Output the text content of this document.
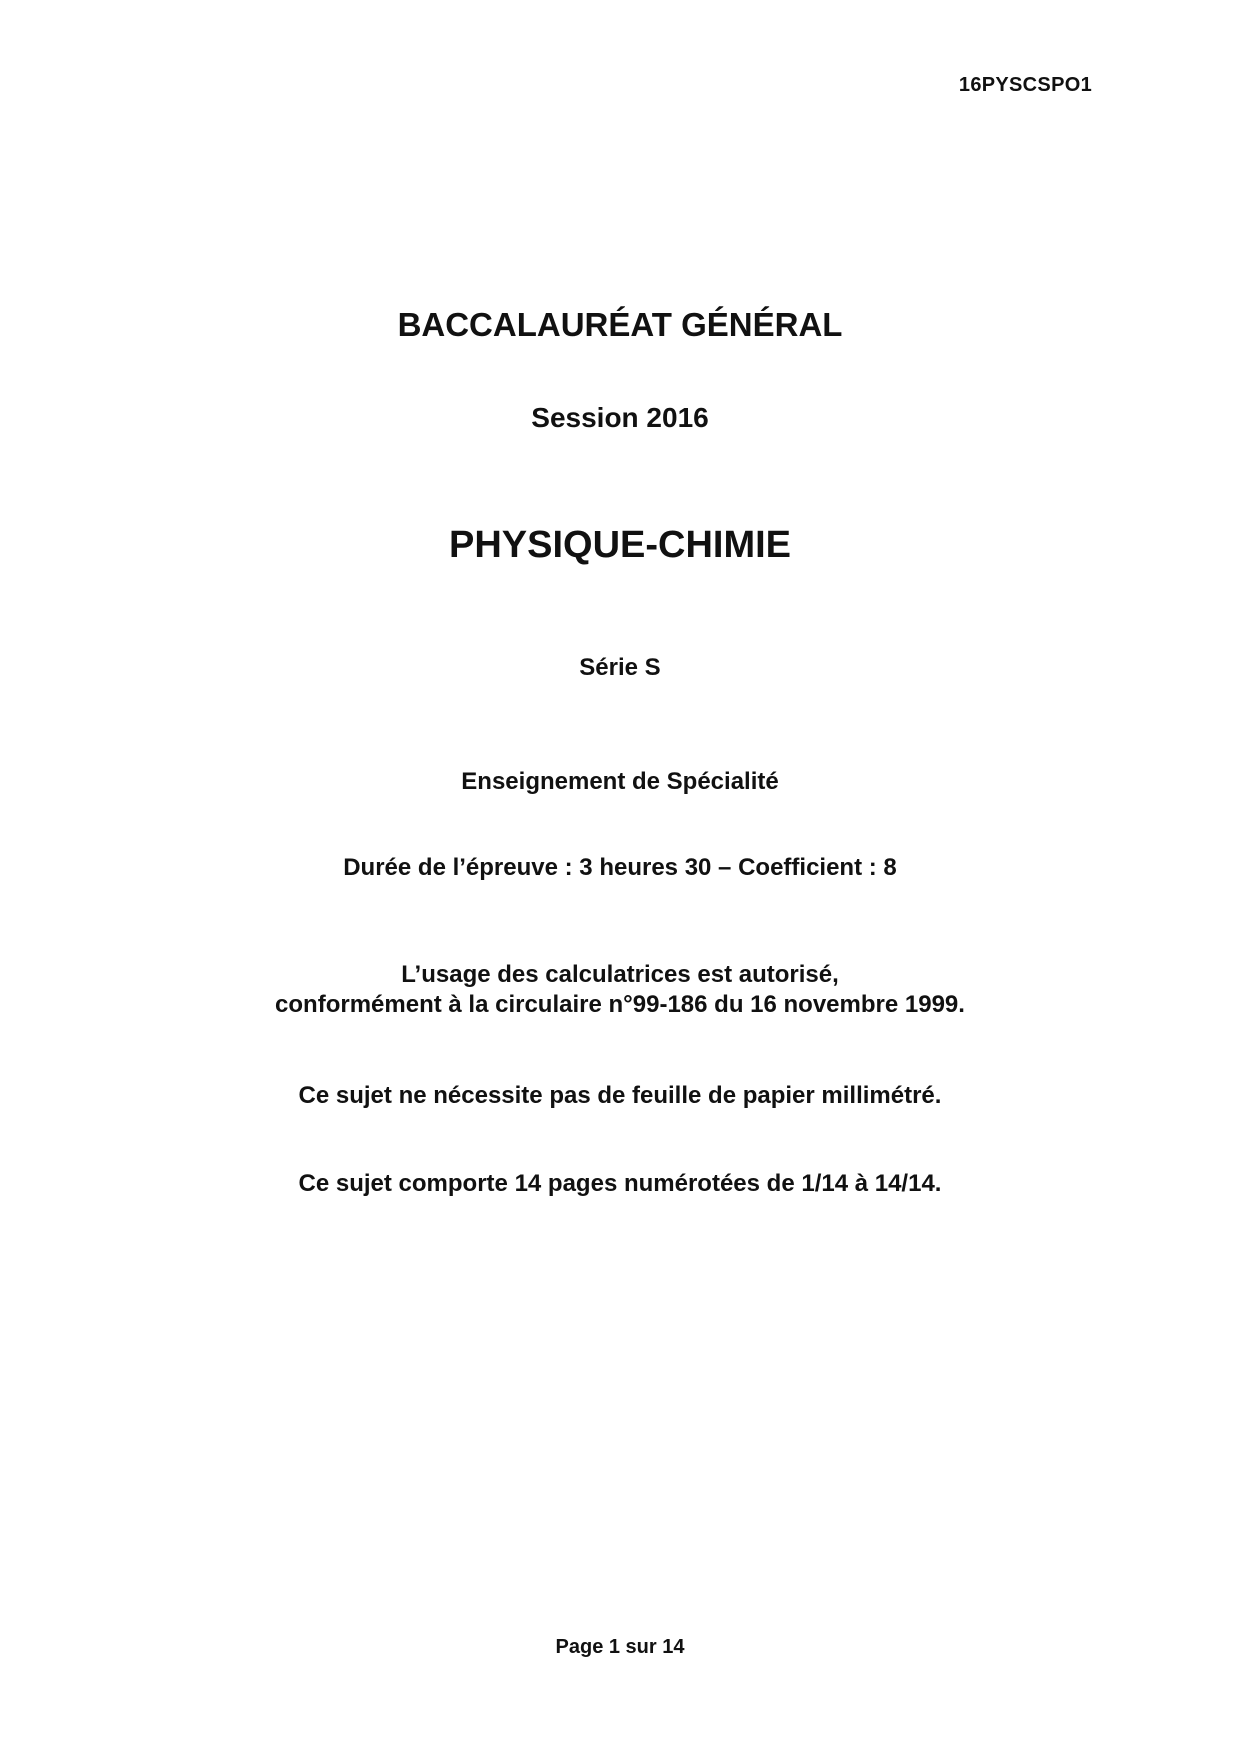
16PYSCSPO1
BACCALAURÉAT GÉNÉRAL
Session 2016
PHYSIQUE-CHIMIE
Série S
Enseignement de Spécialité
Durée de l’épreuve : 3 heures 30 – Coefficient : 8
L’usage des calculatrices est autorisé,
conformément à la circulaire n°99-186 du 16 novembre 1999.
Ce sujet ne nécessite pas de feuille de papier millimétré.
Ce sujet comporte 14 pages numérotées de 1/14 à 14/14.
Page 1 sur 14
